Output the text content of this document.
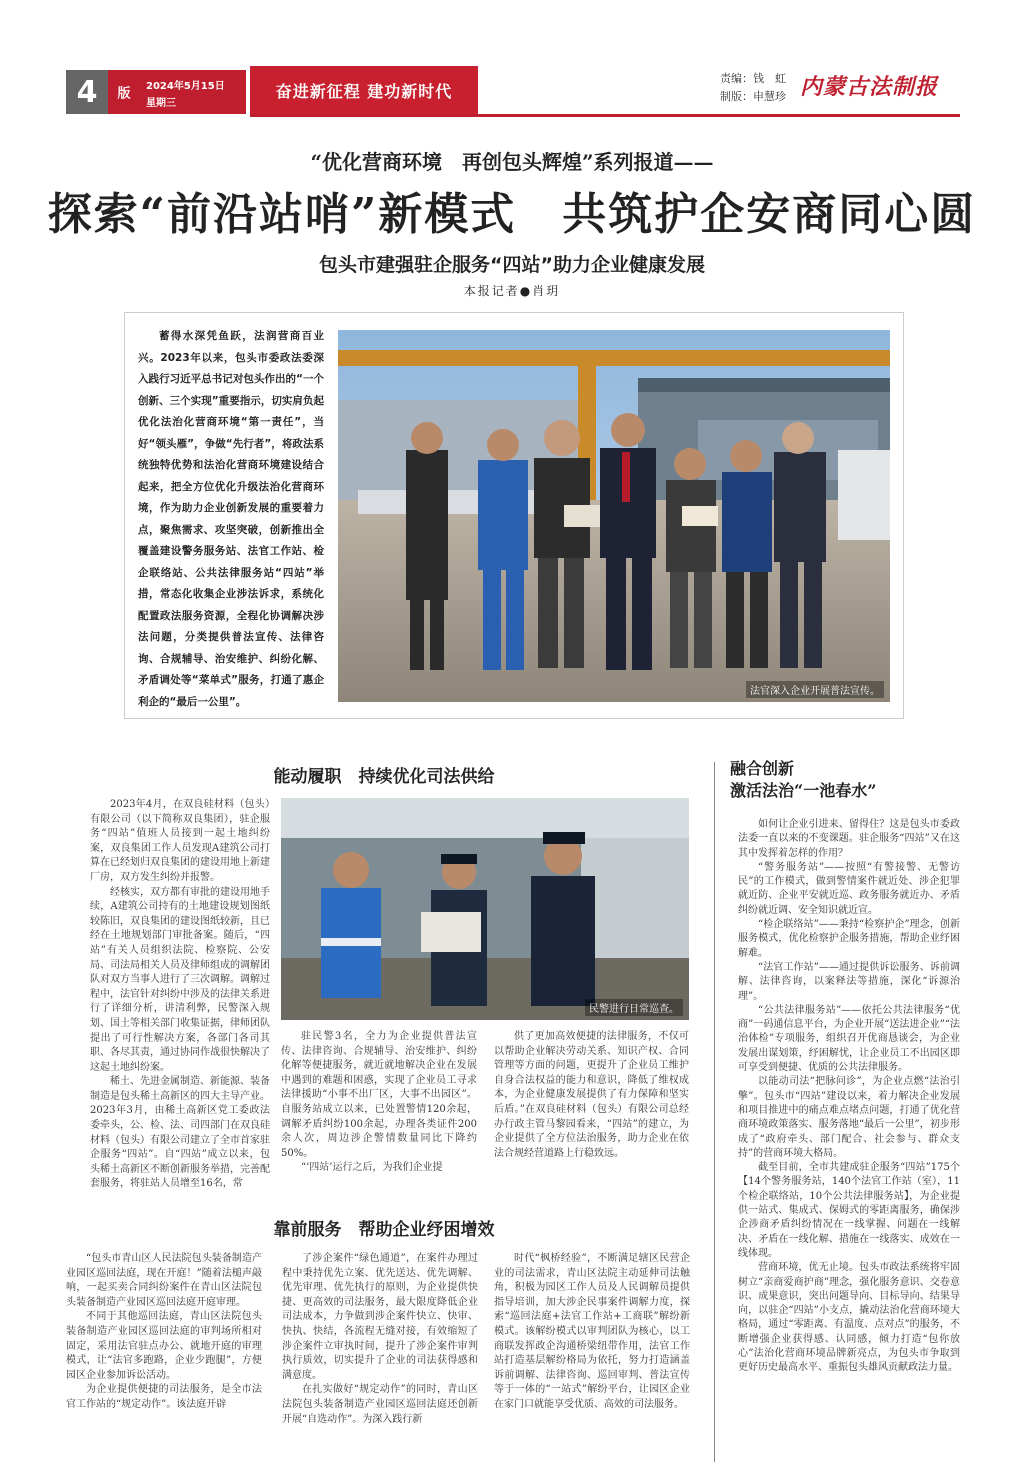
4	版	2024年5月15日
星期三
奋进新征程 建功新时代
责编：钱　虹
制版：申慧珍 内蒙古法制报
“优化营商环境　再创包头辉煌”系列报道——
探索“前沿站哨”新模式　共筑护企安商同心圆
包头市建强驻企服务“四站”助力企业健康发展
本报记者●肖玥
蓄得水深凭鱼跃，法润营商百业兴。2023年以来，包头市委政法委深入践行习近平总书记对包头作出的“一个创新、三个实现”重要指示，切实肩负起优化法治化营商环境“第一责任”，当好“领头雁”，争做“先行者”，将政法系统独特优势和法治化营商环境建设结合起来，把全方位优化升级法治化营商环境，作为助力企业创新发展的重要着力点，聚焦需求、攻坚突破，创新推出全覆盖建设警务服务站、法官工作站、检企联络站、公共法律服务站“四站”举措，常态化收集企业涉法诉求，系统化配置政法服务资源，全程化协调解决涉法问题，分类提供普法宣传、法律咨询、合规辅导、治安维护、纠纷化解、矛盾调处等“菜单式”服务，打通了惠企利企的“最后一公里”。
法官深入企业开展普法宣传。
能动履职　持续优化司法供给

2023年4月，在双良硅材料（包头）有限公司（以下简称双良集团），驻企服务“四站”值班人员接到一起土地纠纷案，双良集团工作人员发现A建筑公司打算在已经划归双良集团的建设用地上新建厂房，双方发生纠纷并报警。

经核实，双方都有审批的建设用地手续，A建筑公司持有的土地建设规划图纸较陈旧，双良集团的建设图纸较新，且已经在土地规划部门审批备案。随后，“四站”有关人员组织法院、检察院、公安局、司法局相关人员及律师组成的调解团队对双方当事人进行了三次调解。调解过程中，法官针对纠纷中涉及的法律关系进行了详细分析，讲清利弊，民警深入规划、国土等相关部门收集证据，律师团队提出了可行性解决方案，各部门各司其职、各尽其责，通过协同作战很快解决了这起土地纠纷案。

稀土、先进金属制造、新能源、装备制造是包头稀土高新区的四大主导产业。2023年3月，由稀土高新区党工委政法委牵头，公、检、法、司四部门在双良硅材料（包头）有限公司建立了全市首家驻企服务“四站”。自“四站”成立以来，包头稀土高新区不断创新服务举措，完善配套服务，将驻站人员增至16名，常

民警进行日常巡查。

驻民警3名，全力为企业提供普法宣传、法律咨询、合规辅导、治安维护、纠纷化解等便捷服务，就近就地解决企业在发展中遇到的难题和困惑，实现了企业员工寻求法律援助“小事不出厂区，大事不出园区”。自服务站成立以来，已处置警情120余起，调解矛盾纠纷100余起，办理各类证件200余人次，周边涉企警情数量同比下降约50%。

“‘四站’运行之后，为我们企业提

供了更加高效便捷的法律服务，不仅可以帮助企业解决劳动关系、知识产权、合同管理等方面的问题，更提升了企业员工维护自身合法权益的能力和意识，降低了维权成本，为企业健康发展提供了有力保障和坚实后盾。”在双良硅材料（包头）有限公司总经办行政主管马黎园看来，“四站”的建立，为企业提供了全方位法治服务，助力企业在依法合规经营道路上行稳致远。

靠前服务　帮助企业纾困增效

“包头市青山区人民法院包头装备制造产业园区巡回法庭，现在开庭！”随着法槌声敲响，一起买卖合同纠纷案件在青山区法院包头装备制造产业园区巡回法庭开庭审理。

不同于其他巡回法庭，青山区法院包头装备制造产业园区巡回法庭的审判场所相对固定，采用法官驻点办公、就地开庭的审理模式，让“法官多跑路，企业少跑腿”，方便园区企业参加诉讼活动。

为企业提供便捷的司法服务，是全市法官工作站的“规定动作”。该法庭开辟

了涉企案件“绿色通道”，在案件办理过程中秉持优先立案、优先送达、优先调解、优先审理、优先执行的原则，为企业提供快捷、更高效的司法服务，最大限度降低企业司法成本，力争做到涉企案件快立、快审、快执、快结，各流程无缝对接，有效缩短了涉企案件立审执时间，提升了涉企案件审判执行质效，切实提升了企业的司法获得感和满意度。

在扎实做好“规定动作”的同时，青山区法院包头装备制造产业园区巡回法庭还创新开展“自选动作”。为深入践行新

时代“枫桥经验”，不断满足辖区民营企业的司法需求，青山区法院主动延伸司法触角，积极为园区工作人员及人民调解员提供指导培训，加大涉企民事案件调解力度，探索“巡回法庭+法官工作站+工商联”解纷新模式。该解纷模式以审判团队为核心，以工商联发挥政企沟通桥梁纽带作用，法官工作站打造基层解纷格局为依托，努力打造涵盖诉前调解、法律咨询、巡回审判、普法宣传等于一体的“一站式”解纷平台，让园区企业在家门口就能享受优质、高效的司法服务。

融合创新
激活法治“一池春水”

如何让企业引进来、留得住？这是包头市委政法委一直以来的不变课题。驻企服务“四站”又在这其中发挥着怎样的作用？

“警务服务站”——按照“有警接警、无警访民”的工作模式，做到警情案件就近处、涉企犯罪就近防、企业平安就近巡、政务服务就近办、矛盾纠纷就近调、安全知识就近宣。

“检企联络站”——秉持“检察护企”理念，创新服务模式，优化检察护企服务措施，帮助企业纾困解难。

“法官工作站”——通过提供诉讼服务、诉前调解、法律咨询，以案释法等措施，深化“诉源治理”。

“公共法律服务站”——依托公共法律服务“优商”一码通信息平台，为企业开展“送法进企业”“法治体检”专项服务，组织召开优商恳谈会，为企业发展出谋划策，纾困解忧，让企业员工不出园区即可享受到便捷、优质的公共法律服务。

以能动司法“把脉问诊”，为企业点燃“法治引擎”。包头市“四站”建设以来，着力解决企业发展和项目推进中的痛点难点堵点问题，打通了优化营商环境政策落实、服务落地“最后一公里”，初步形成了“政府牵头、部门配合、社会参与、群众支持”的营商环境大格局。

截至目前，全市共建成驻企服务“四站”175个【14个警务服务站，140个法官工作站（室），11个检企联络站，10个公共法律服务站】，为企业提供一站式、集成式、保姆式的零距离服务，确保涉企涉商矛盾纠纷情况在一线掌握、问题在一线解决、矛盾在一线化解、措施在一线落实、成效在一线体现。

营商环境，优无止境。包头市政法系统将牢固树立“亲商爱商护商”理念，强化服务意识、交卷意识、成果意识，突出问题导向、目标导向、结果导向，以驻企“四站”小支点，撬动法治化营商环境大格局，通过“零距离、有温度、点对点”的服务，不断增强企业获得感、认同感，倾力打造“包你放心”法治化营商环境品牌新亮点，为包头市争取到更好历史最高水平、重振包头雄风贡献政法力量。
